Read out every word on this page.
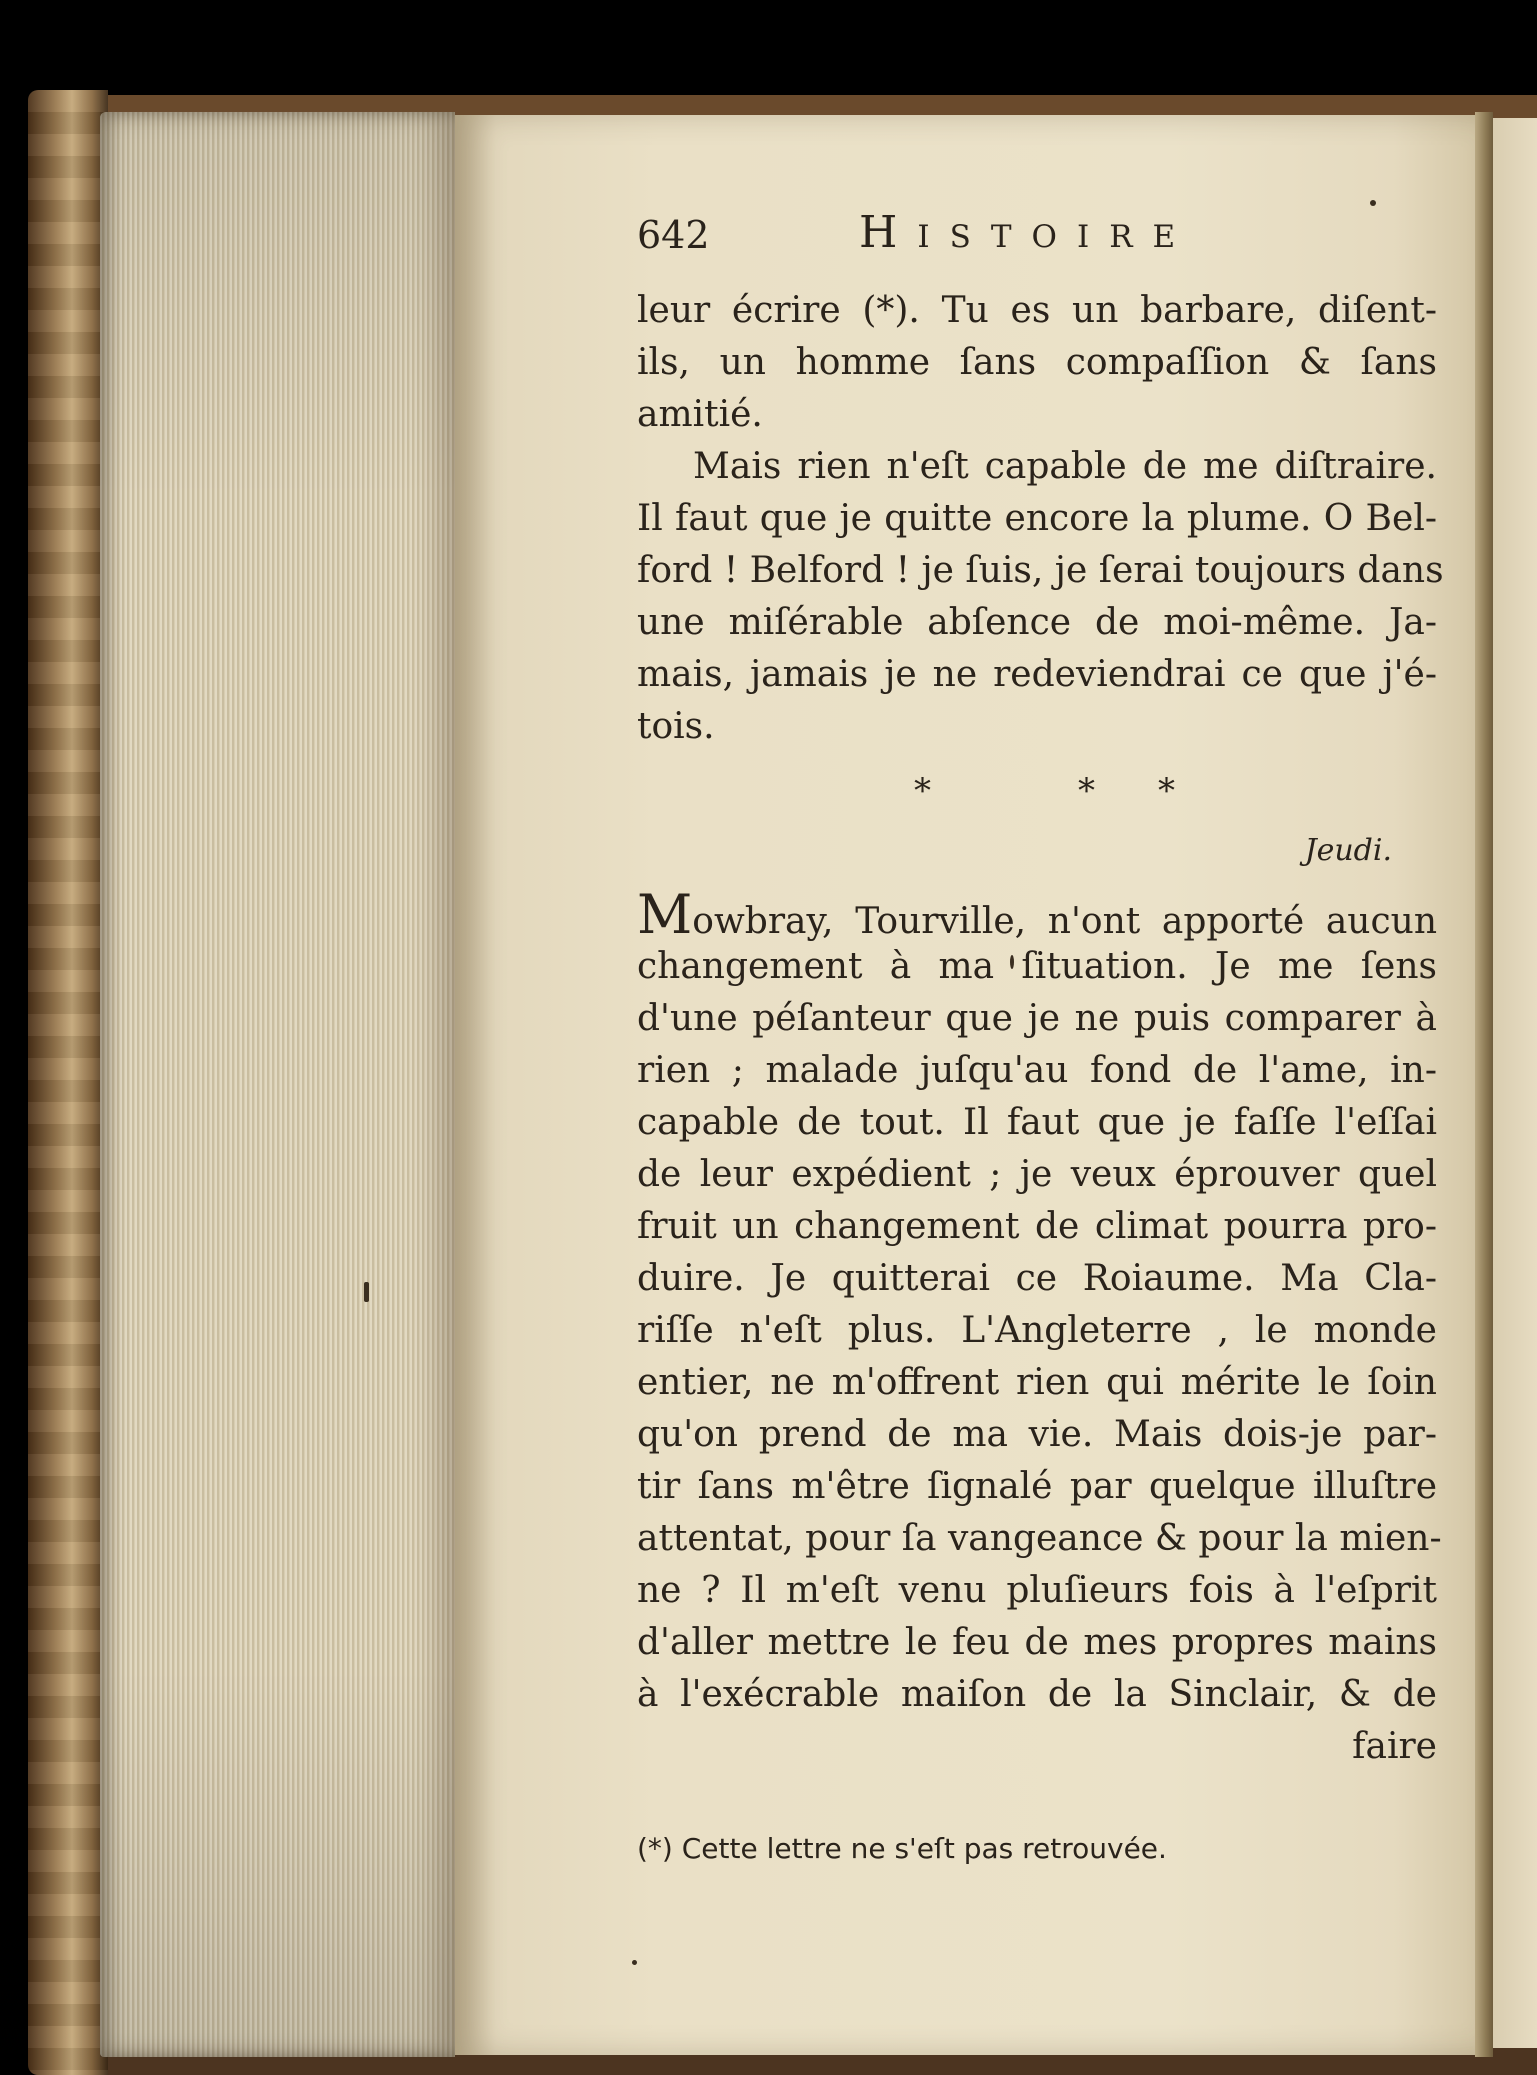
642	Histoire
leur écrire (*). Tu es un barbare, diſent-
ils, un homme ſans compaſſion & ſans
amitié.
Mais rien n'eſt capable de me diſtraire.
Il faut que je quitte encore la plume. O Bel-
ford ! Belford ! je ſuis, je ſerai toujours dans
une miſérable abſence de moi-même. Ja-
mais, jamais je ne redeviendrai ce que j'é-
tois.
*	* *
Jeudi.
Mowbray, Tourville, n'ont apporté aucun
changement à ma ſituation. Je me ſens
d'une péſanteur que je ne puis comparer à
rien ; malade juſqu'au fond de l'ame, in-
capable de tout. Il faut que je faſſe l'eſſai
de leur expédient ; je veux éprouver quel
fruit un changement de climat pourra pro-
duire. Je quitterai ce Roiaume. Ma Cla-
riſſe n'eſt plus. L'Angleterre , le monde
entier, ne m'offrent rien qui mérite le ſoin
qu'on prend de ma vie. Mais dois-je par-
tir ſans m'être ſignalé par quelque illuſtre
attentat, pour ſa vangeance & pour la mien-
ne ? Il m'eſt venu pluſieurs fois à l'eſprit
d'aller mettre le feu de mes propres mains
à l'exécrable maiſon de la Sinclair, & de
faire
(*) Cette lettre ne s'eſt pas retrouvée.
